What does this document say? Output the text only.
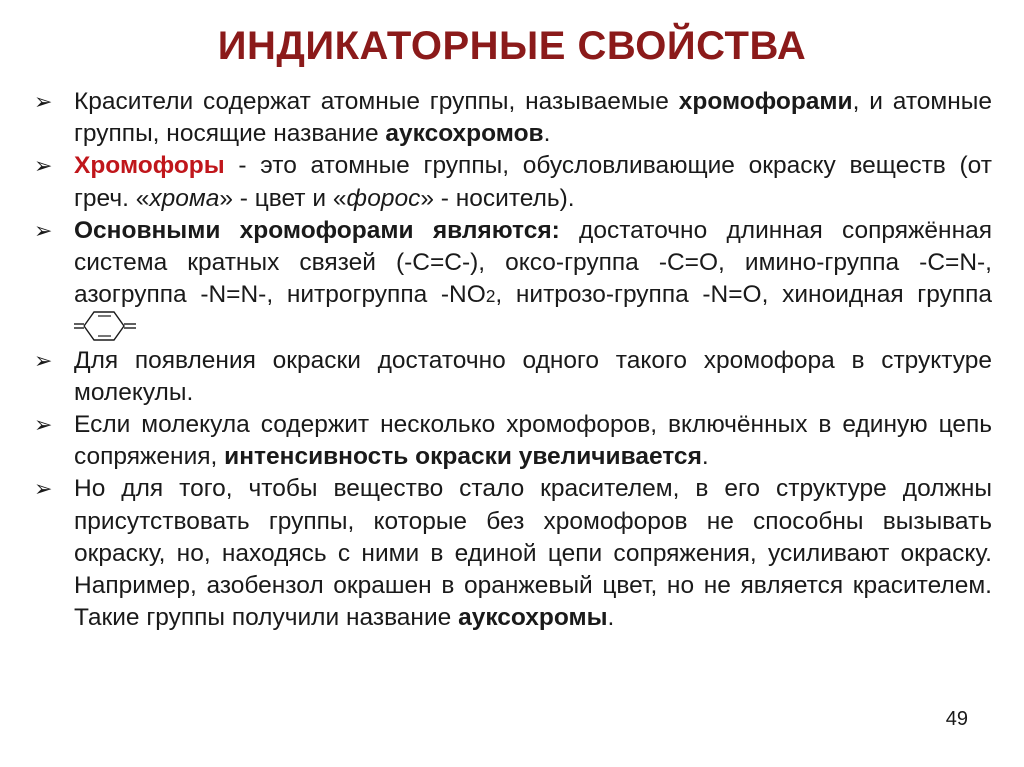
ИНДИКАТОРНЫЕ СВОЙСТВА
➢ Красители содержат атомные группы, называемые хромофорами, и атомные группы, носящие название ауксохромов.
➢ Хромофоры - это атомные группы, обусловливающие окраску веществ (от греч. «хрома» - цвет и «форос» - носитель).
➢ Основными хромофорами являются: достаточно длинная сопряжённая система кратных связей (-С=С-), оксо-группа -С=О, имино-группа -С=N-, азогруппа -N=N-, нитрогруппа -NO2, нитрозо-группа -N=O, хиноидная группа
➢ Для появления окраски достаточно одного такого хромофора в структуре молекулы.
➢ Если молекула содержит несколько хромофоров, включённых в единую цепь сопряжения, интенсивность окраски увеличивается.
➢ Но для того, чтобы вещество стало красителем, в его структуре должны присутствовать группы, которые без хромофоров не способны вызывать окраску, но, находясь с ними в единой цепи сопряжения, усиливают окраску. Например, азобензол окрашен в оранжевый цвет, но не является красителем. Такие группы получили название ауксохромы.
49
